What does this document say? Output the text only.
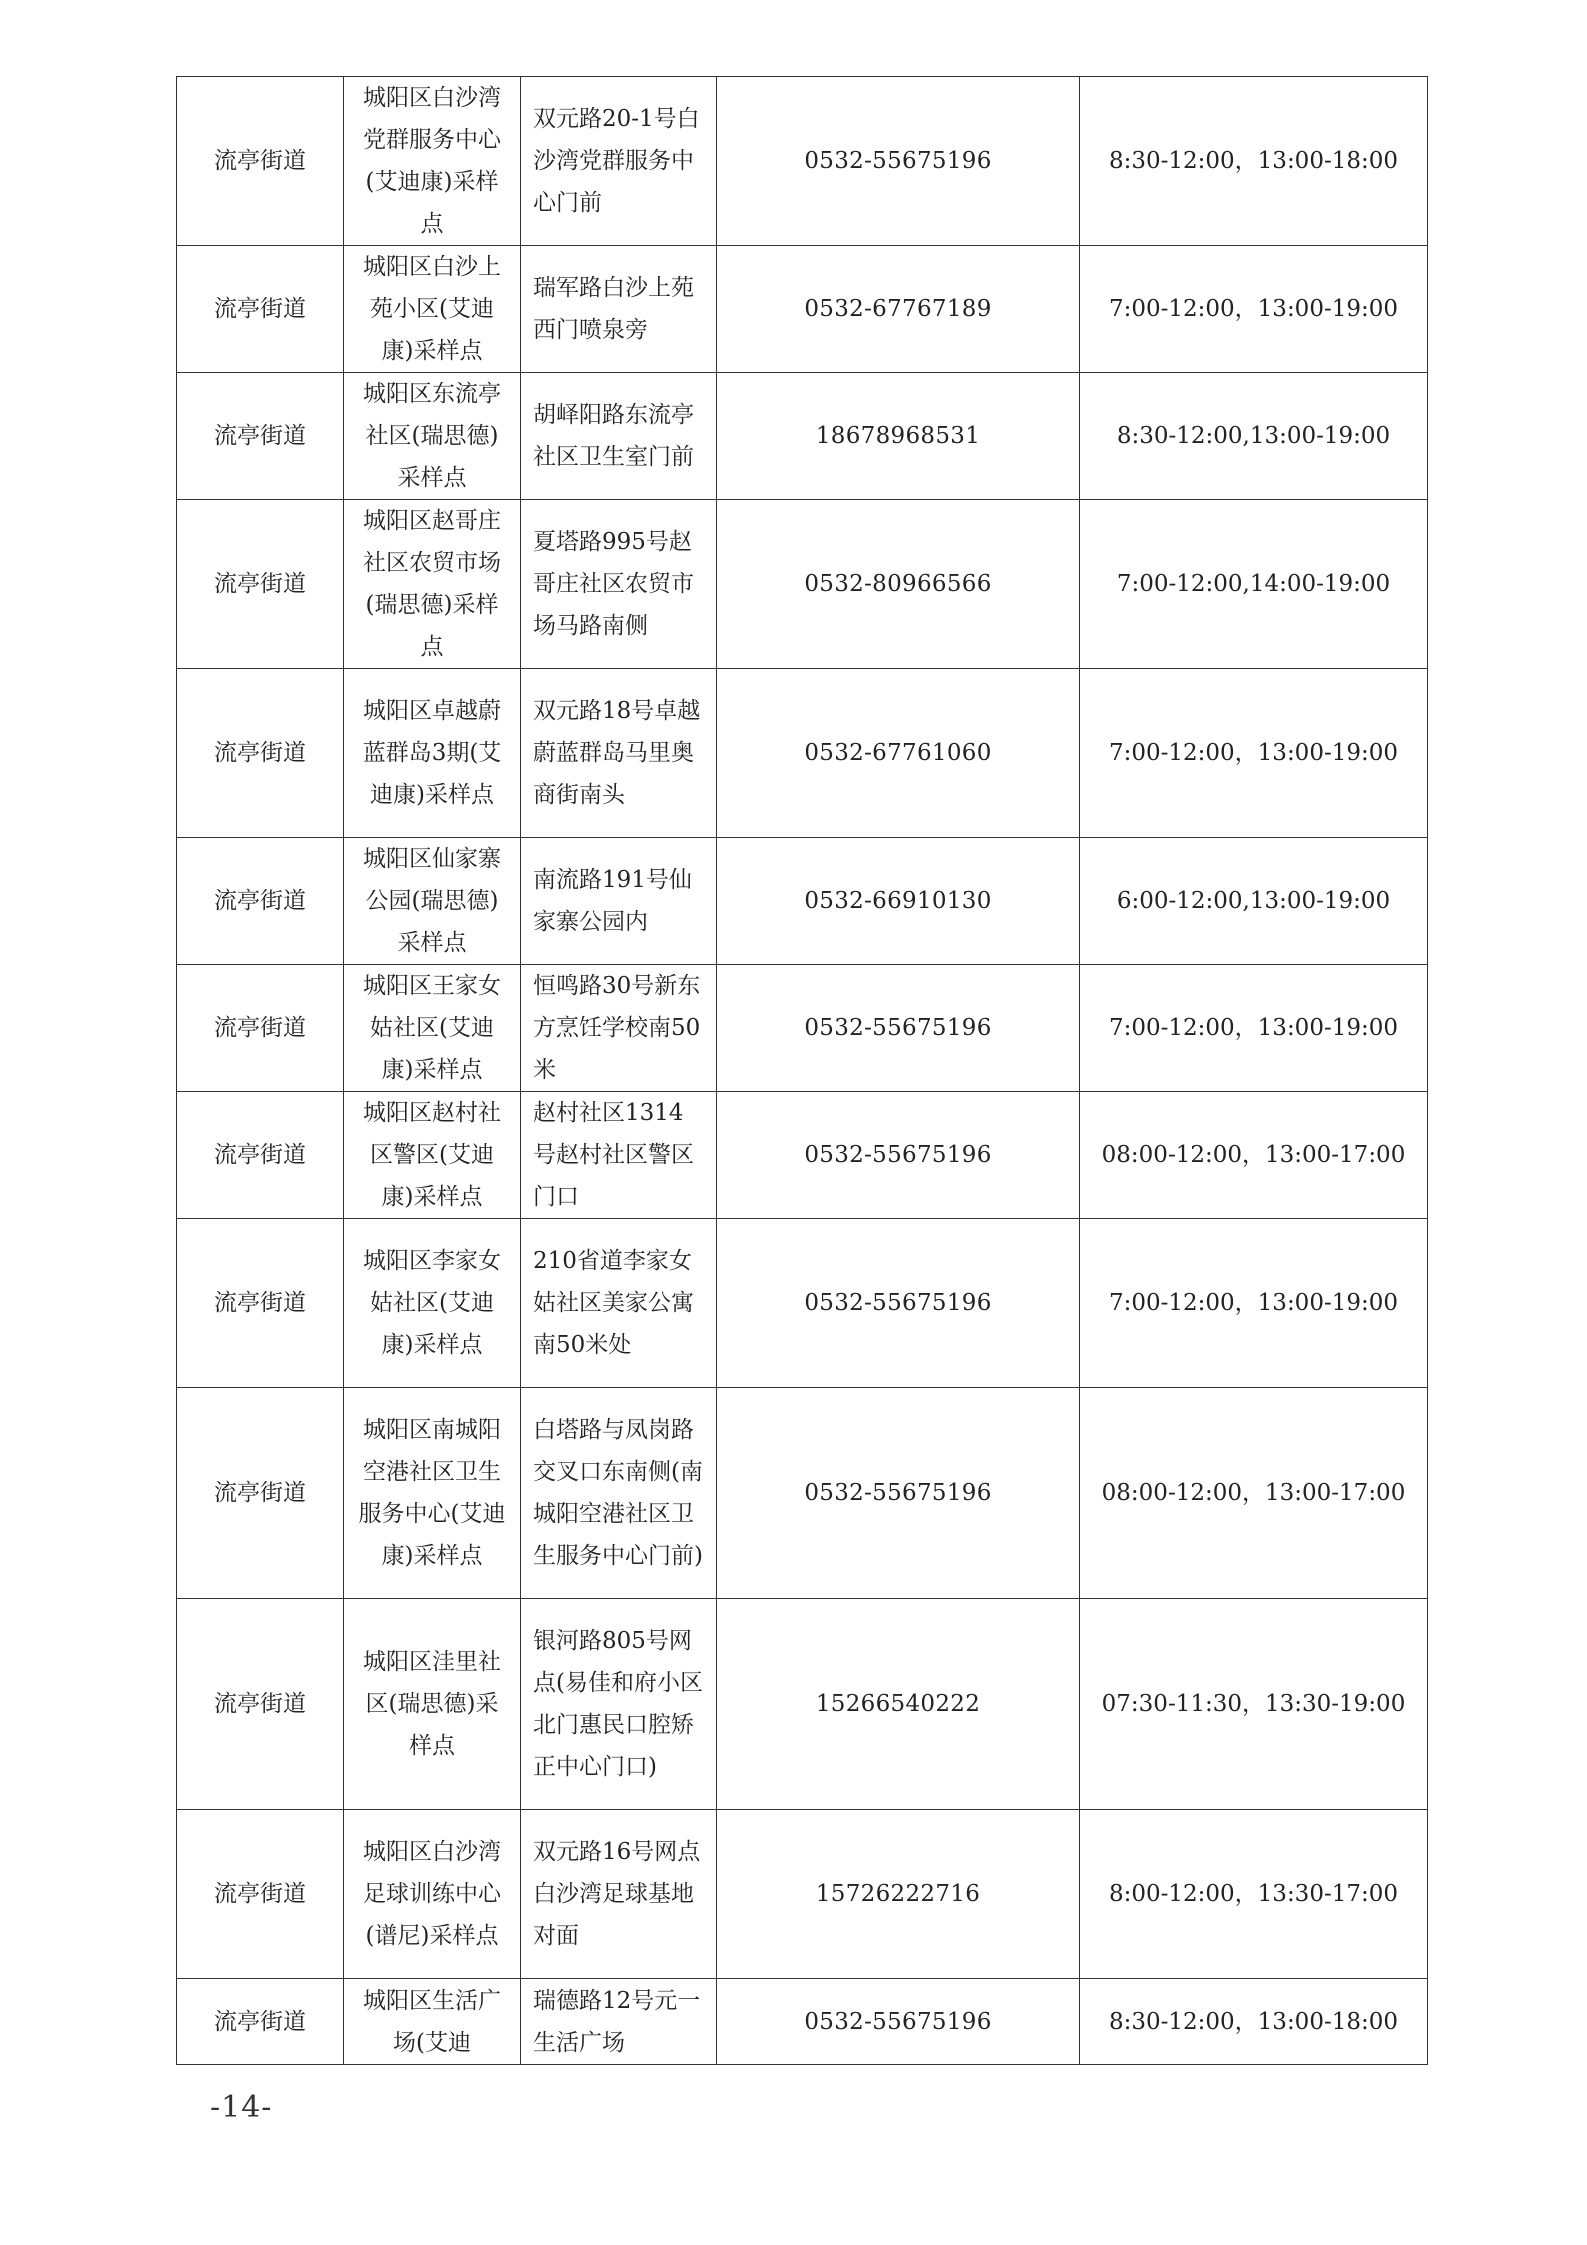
流亭街道	城阳区白沙湾党群服务中心(艾迪康)采样点	双元路20-1号白沙湾党群服务中心门前	0532-55675196	8:30-12:00，13:00-18:00
流亭街道	城阳区白沙上苑小区(艾迪康)采样点	瑞军路白沙上苑西门喷泉旁	0532-67767189	7:00-12:00，13:00-19:00
流亭街道	城阳区东流亭社区(瑞思德)采样点	胡峄阳路东流亭社区卫生室门前	18678968531	8:30-12:00,13:00-19:00
流亭街道	城阳区赵哥庄社区农贸市场(瑞思德)采样点	夏塔路995号赵哥庄社区农贸市场马路南侧	0532-80966566	7:00-12:00,14:00-19:00
流亭街道	城阳区卓越蔚蓝群岛3期(艾迪康)采样点	双元路18号卓越蔚蓝群岛马里奥商街南头	0532-67761060	7:00-12:00，13:00-19:00
流亭街道	城阳区仙家寨公园(瑞思德)采样点	南流路191号仙家寨公园内	0532-66910130	6:00-12:00,13:00-19:00
流亭街道	城阳区王家女姑社区(艾迪康)采样点	恒鸣路30号新东方烹饪学校南50米	0532-55675196	7:00-12:00，13:00-19:00
流亭街道	城阳区赵村社区警区(艾迪康)采样点	赵村社区1314号赵村社区警区门口	0532-55675196	08:00-12:00，13:00-17:00
流亭街道	城阳区李家女姑社区(艾迪康)采样点	210省道李家女姑社区美家公寓南50米处	0532-55675196	7:00-12:00，13:00-19:00
流亭街道	城阳区南城阳空港社区卫生服务中心(艾迪康)采样点	白塔路与凤岗路交叉口东南侧(南城阳空港社区卫生服务中心门前)	0532-55675196	08:00-12:00，13:00-17:00
流亭街道	城阳区洼里社区(瑞思德)采样点	银河路805号网点(易佳和府小区北门惠民口腔矫正中心门口)	15266540222	07:30-11:30，13:30-19:00
流亭街道	城阳区白沙湾足球训练中心(谱尼)采样点	双元路16号网点白沙湾足球基地对面	15726222716	8:00-12:00，13:30-17:00
流亭街道	城阳区生活广场(艾迪	瑞德路12号元一生活广场	0532-55675196	8:30-12:00，13:00-18:00
-14-
